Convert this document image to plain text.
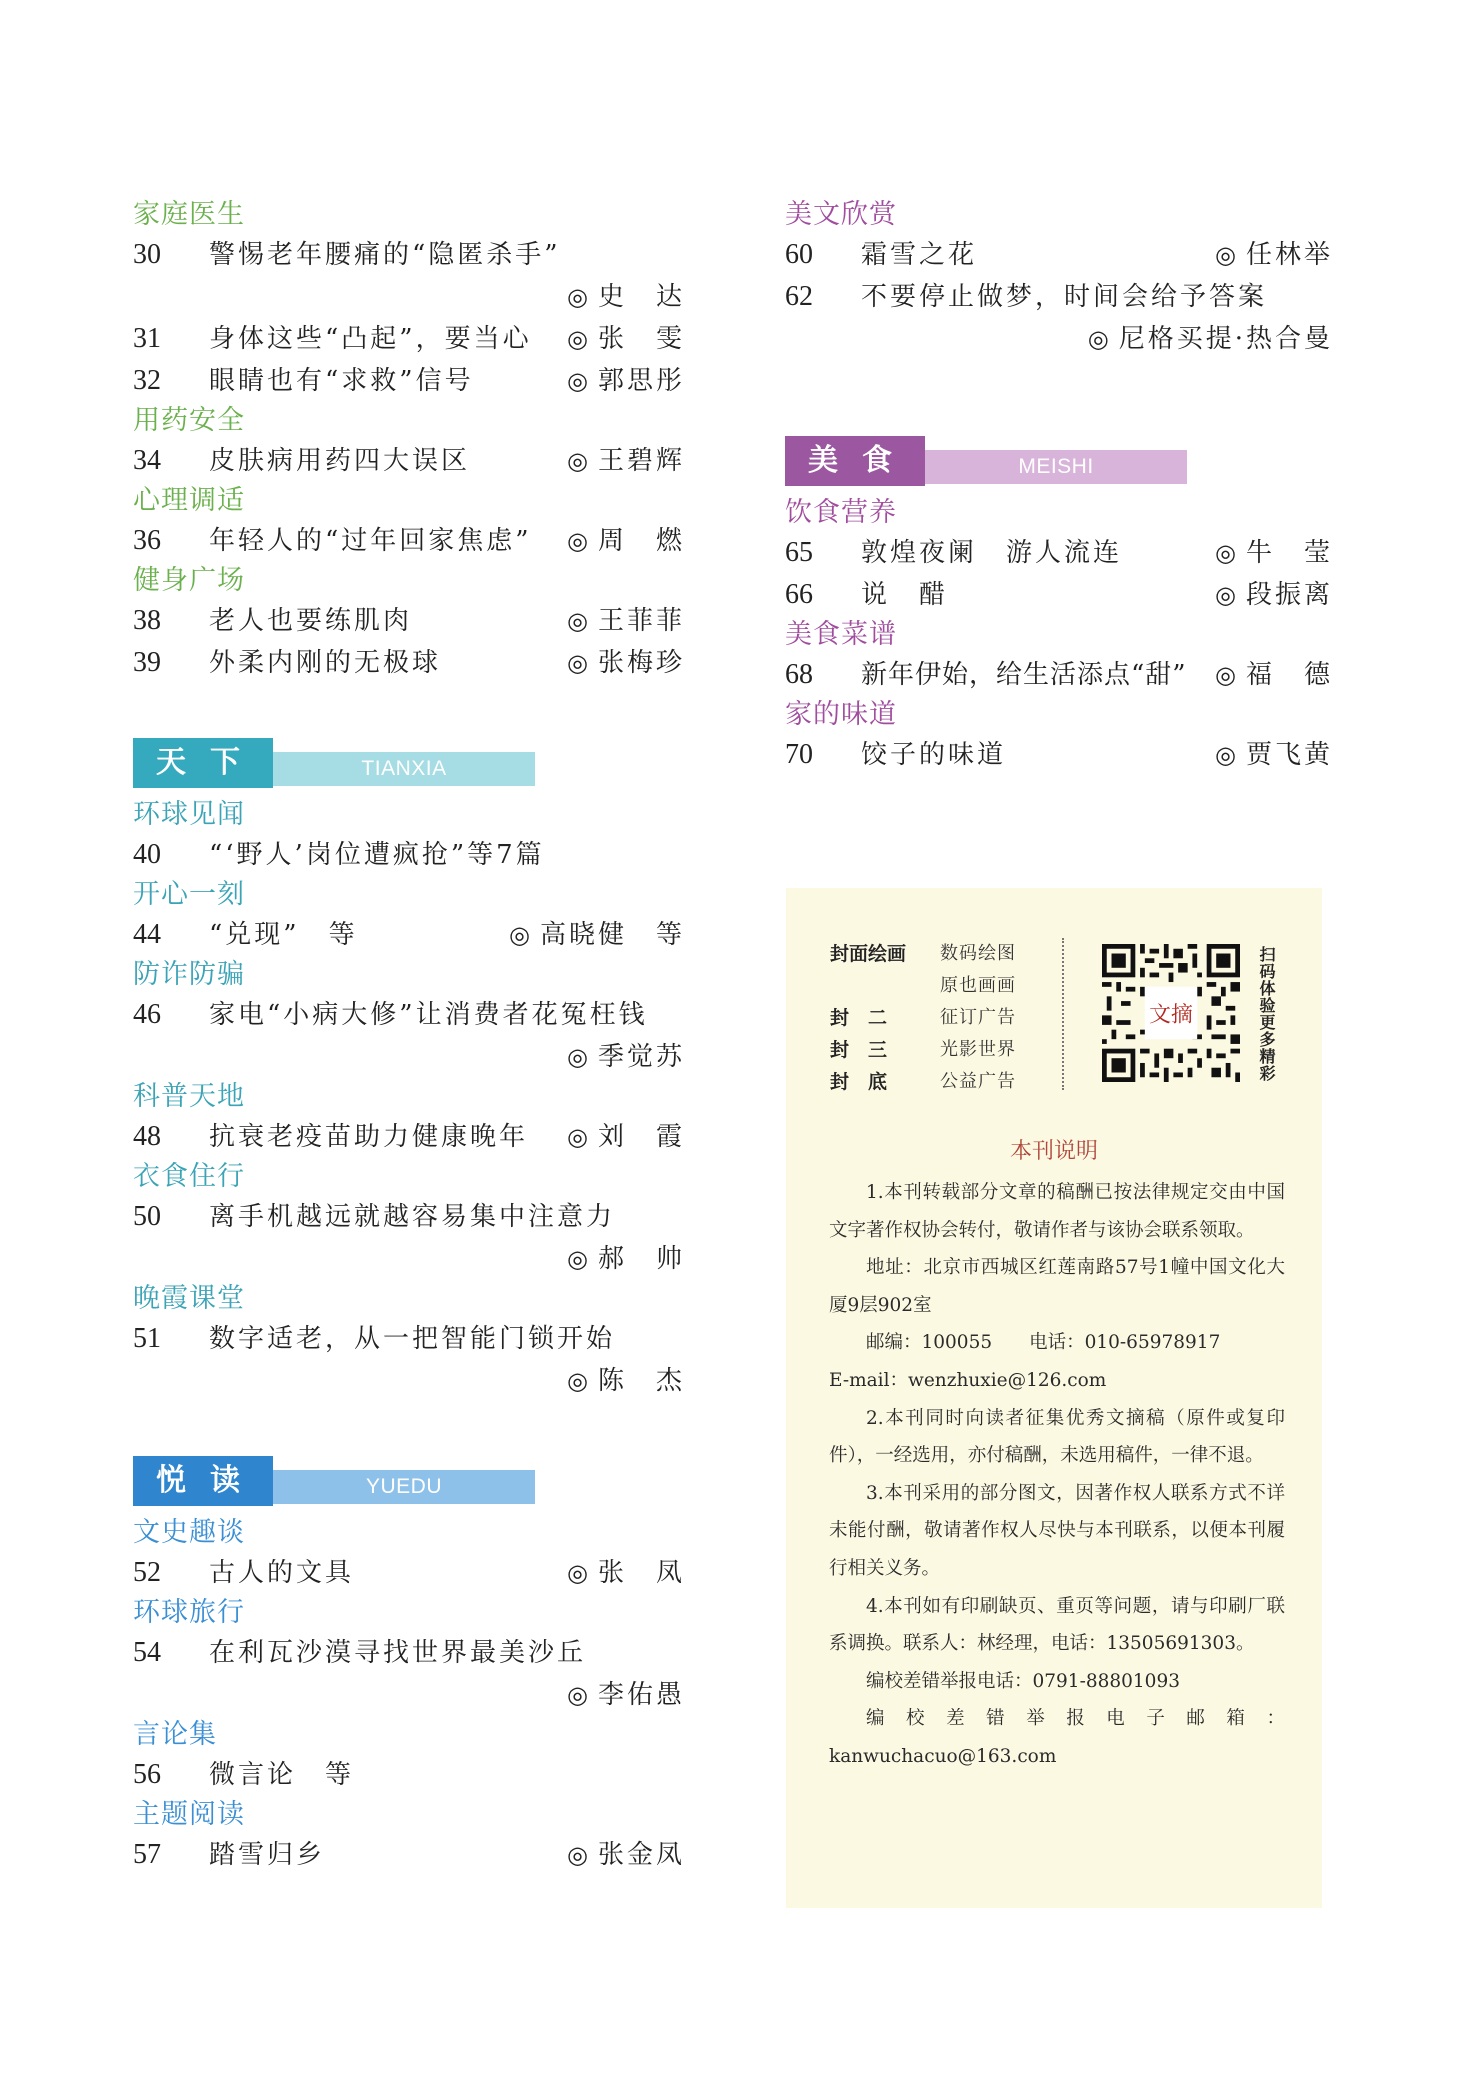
家庭医生
30	警惕老年腰痛的“隐匿杀手”
◎ 史　达
31	身体这些“凸起”，要当心 ◎ 张　雯
32	眼睛也有“求救”信号	◎ 郭思彤
用药安全
34	皮肤病用药四大误区	◎ 王碧辉
心理调适
36	年轻人的“过年回家焦虑” ◎ 周　燃
健身广场
38	老人也要练肌肉	◎ 王菲菲
39	外柔内刚的无极球	◎ 张梅珍
天下	TIANXIA
环球见闻
40	“‘野人’岗位遭疯抢”等7篇
开心一刻
44	“兑现”　等	◎ 高晓健　等
防诈防骗
46	家电“小病大修”让消费者花冤枉钱
◎ 季觉苏
科普天地
48	抗衰老疫苗助力健康晚年 ◎ 刘　霞
衣食住行
50	离手机越远就越容易集中注意力
◎ 郝　帅
晚霞课堂
51	数字适老，从一把智能门锁开始
◎ 陈　杰
悦读	YUEDU
文史趣谈
52	古人的文具	◎ 张　凤
环球旅行
54	在利瓦沙漠寻找世界最美沙丘
◎ 李佑愚
言论集
56	微言论　等
主题阅读
57	踏雪归乡	◎ 张金凤
美文欣赏
60	霜雪之花	◎ 任林举
62	不要停止做梦，时间会给予答案
◎ 尼格买提·热合曼
美食	MEISHI
饮食营养
65	敦煌夜阑　游人流连	◎ 牛　莹
66	说　醋	◎ 段振离
美食菜谱
68	新年伊始，给生活添点“甜” ◎ 福　德
家的味道
70	饺子的味道	◎ 贾飞黄
封面绘画	数码绘图
原也画画
封　二	征订广告
封　三	光影世界
封　底	公益广告
文摘	扫码体验更多精彩
本刊说明

1.本刊转载部分文章的稿酬已按法律规定交由中国文字著作权协会转付，敬请作者与该协会联系领取。

地址：北京市西城区红莲南路57号1幢中国文化大厦9层902室

邮编：100055　　电话：010-65978917

E-mail：wenzhuxie@126.com

2.本刊同时向读者征集优秀文摘稿（原件或复印件），一经选用，亦付稿酬，未选用稿件，一律不退。

3.本刊采用的部分图文，因著作权人联系方式不详未能付酬，敬请著作权人尽快与本刊联系，以便本刊履行相关义务。

4.本刊如有印刷缺页、重页等问题，请与印刷厂联系调换。联系人：林经理，电话：13505691303。

编校差错举报电话：0791-88801093

编校差错举报电子邮箱：kanwuchacuo@163.com
